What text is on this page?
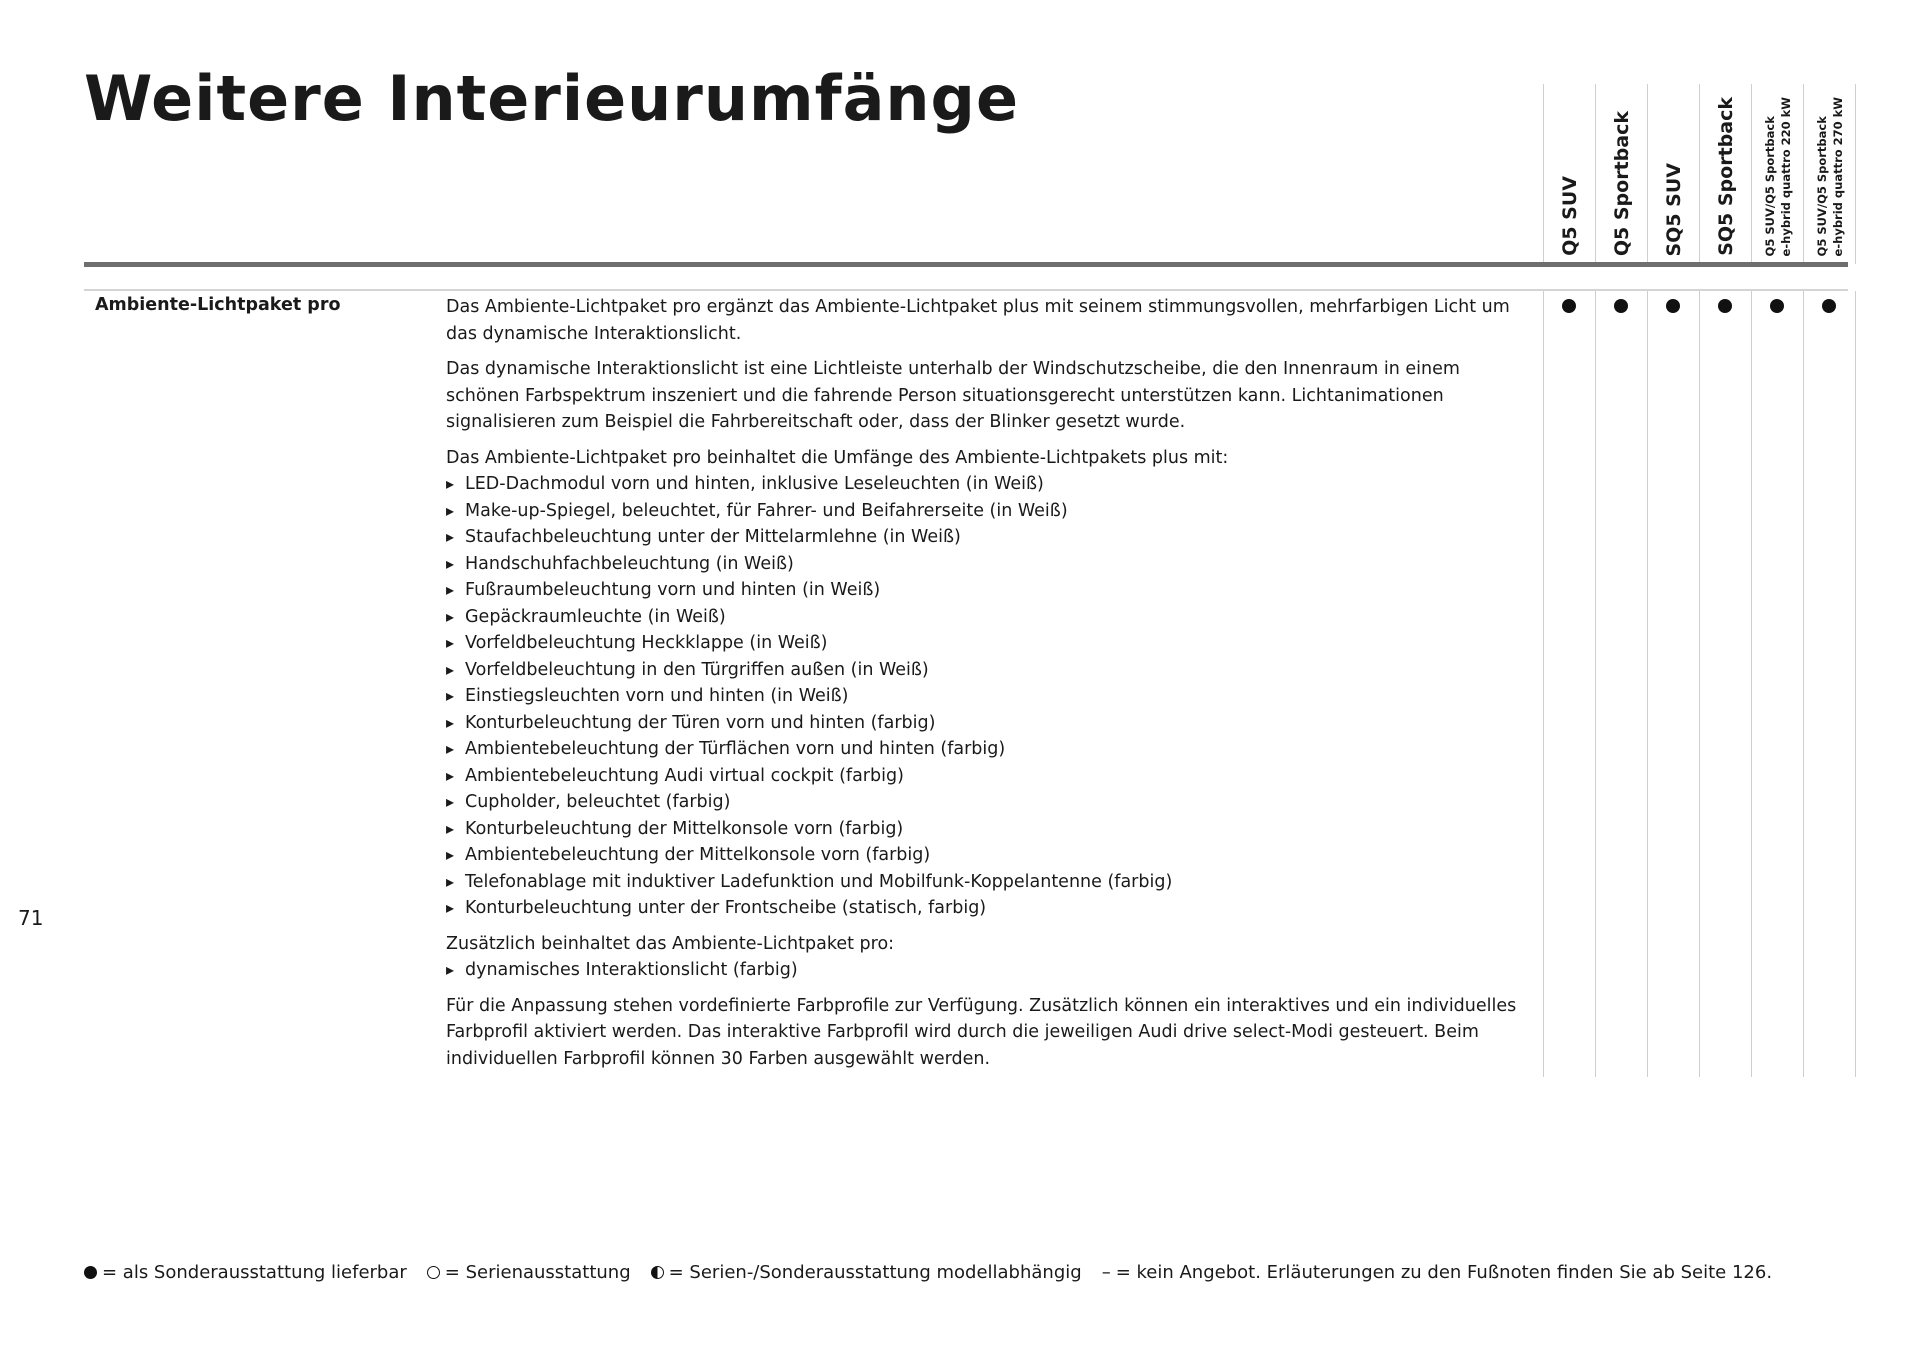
Weitere Interieurumfänge
Q5 SUV Q5 Sportback SQ5 SUV SQ5 Sportback Q5 SUV/Q5 Sportback e-hybrid quattro 220 kW Q5 SUV/Q5 Sportback e-hybrid quattro 270 kW

Ambiente-Lichtpaket pro	Das Ambiente-Lichtpaket pro ergänzt das Ambiente-Lichtpaket plus mit seinem stimmungsvollen, mehrfarbigen Licht um das dynamische Interaktionslicht.

Das dynamische Interaktionslicht ist eine Lichtleiste unterhalb der Windschutzscheibe, die den Innenraum in einem schönen Farbspektrum inszeniert und die fahrende Person situationsgerecht unterstützen kann. Lichtanimationen signalisieren zum Beispiel die Fahrbereitschaft oder, dass der Blinker gesetzt wurde.

Das Ambiente-Lichtpaket pro beinhaltet die Umfänge des Ambiente-Lichtpakets plus mit:

▸ LED-Dachmodul vorn und hinten, inklusive Leseleuchten (in Weiß)
▸ Make-up-Spiegel, beleuchtet, für Fahrer- und Beifahrerseite (in Weiß)
▸ Staufachbeleuchtung unter der Mittelarmlehne (in Weiß)
▸ Handschuhfachbeleuchtung (in Weiß)
▸ Fußraumbeleuchtung vorn und hinten (in Weiß)
▸ Gepäckraumleuchte (in Weiß)
▸ Vorfeldbeleuchtung Heckklappe (in Weiß)
▸ Vorfeldbeleuchtung in den Türgriffen außen (in Weiß)
▸ Einstiegsleuchten vorn und hinten (in Weiß)
▸ Konturbeleuchtung der Türen vorn und hinten (farbig)
▸ Ambientebeleuchtung der Türflächen vorn und hinten (farbig)
▸ Ambientebeleuchtung Audi virtual cockpit (farbig)
▸ Cupholder, beleuchtet (farbig)
▸ Konturbeleuchtung der Mittelkonsole vorn (farbig)
▸ Ambientebeleuchtung der Mittelkonsole vorn (farbig)
▸ Telefonablage mit induktiver Ladefunktion und Mobilfunk-Koppelantenne (farbig)
▸ Konturbeleuchtung unter der Frontscheibe (statisch, farbig)

Zusätzlich beinhaltet das Ambiente-Lichtpaket pro:

▸ dynamisches Interaktionslicht (farbig)

Für die Anpassung stehen vordefinierte Farbprofile zur Verfügung. Zusätzlich können ein interaktives und ein individuelles Farbprofil aktiviert werden. Das interaktive Farbprofil wird durch die jeweiligen Audi drive select-Modi gesteuert. Beim individuellen Farbprofil können 30 Farben ausgewählt werden.

71
= als Sonderausstattung lieferbar = Serienausstattung = Serien-/Sonderausstattung modellabhängig – = kein Angebot. Erläuterungen zu den Fußnoten finden Sie ab Seite 126.
